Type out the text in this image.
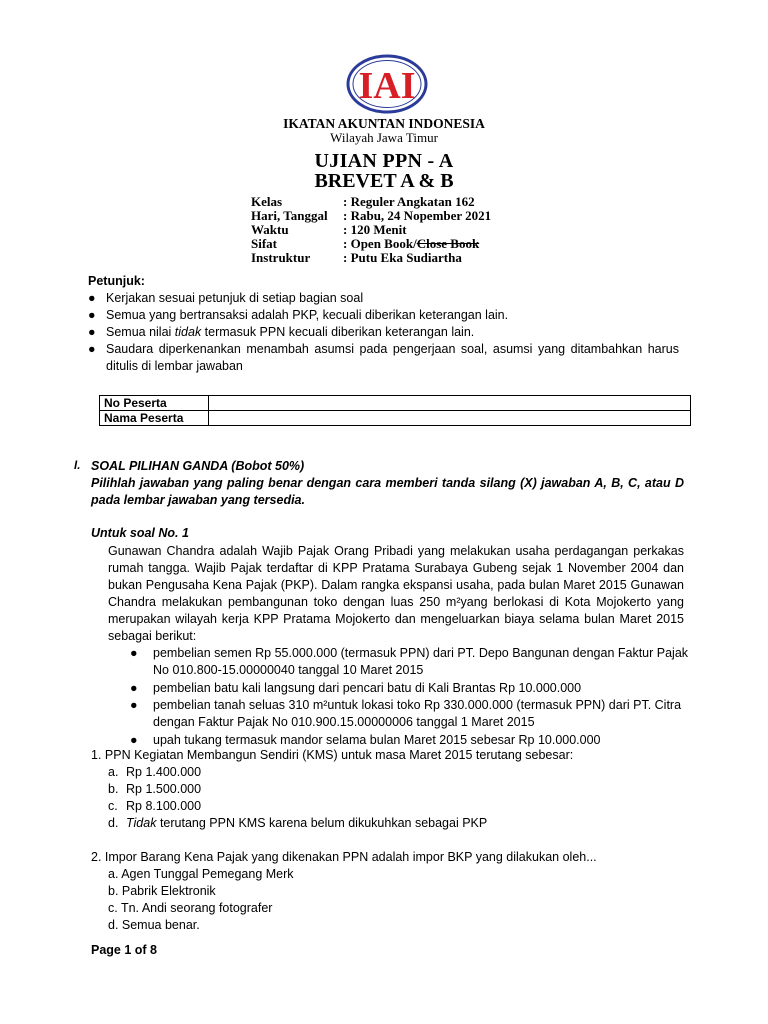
IAI
IKATAN AKUNTAN INDONESIA
Wilayah Jawa Timur
UJIAN PPN - A
BREVET A & B
Kelas	: Reguler Angkatan 162
Hari, Tanggal : Rabu, 24 Nopember 2021
Waktu	: 120 Menit
Sifat	: Open Book/Close Book
Instruktur	: Putu Eka Sudiartha
Petunjuk:
● Kerjakan sesuai petunjuk di setiap bagian soal
● Semua yang bertransaksi adalah PKP, kecuali diberikan keterangan lain.
● Semua nilai tidak termasuk PPN kecuali diberikan keterangan lain.
● Saudara diperkenankan menambah asumsi pada pengerjaan soal, asumsi yang ditambahkan harus
ditulis di lembar jawaban
No Peserta	
Nama Peserta	
I. SOAL PILIHAN GANDA (Bobot 50%)
Pilihlah jawaban yang paling benar dengan cara memberi tanda silang (X) jawaban A, B, C, atau D
pada lembar jawaban yang tersedia.
Untuk soal No. 1
Gunawan Chandra adalah Wajib Pajak Orang Pribadi yang melakukan usaha perdagangan perkakas
rumah tangga. Wajib Pajak terdaftar di KPP Pratama Surabaya Gubeng sejak 1 November 2004 dan
bukan Pengusaha Kena Pajak (PKP). Dalam rangka ekspansi usaha, pada bulan Maret 2015 Gunawan
Chandra melakukan pembangunan toko dengan luas 250 m²yang berlokasi di Kota Mojokerto yang
merupakan wilayah kerja KPP Pratama Mojokerto dan mengeluarkan biaya selama bulan Maret 2015
sebagai berikut:
● pembelian semen Rp 55.000.000 (termasuk PPN) dari PT. Depo Bangunan dengan Faktur Pajak
No 010.800-15.00000040 tanggal 10 Maret 2015
● pembelian batu kali langsung dari pencari batu di Kali Brantas Rp 10.000.000
● pembelian tanah seluas 310 m²untuk lokasi toko Rp 330.000.000 (termasuk PPN) dari PT. Citra
dengan Faktur Pajak No 010.900.15.00000006 tanggal 1 Maret 2015
● upah tukang termasuk mandor selama bulan Maret 2015 sebesar Rp 10.000.000
1. PPN Kegiatan Membangun Sendiri (KMS) untuk masa Maret 2015 terutang sebesar:
a. Rp 1.400.000
b. Rp 1.500.000
c. Rp 8.100.000
d. Tidak terutang PPN KMS karena belum dikukuhkan sebagai PKP
2. Impor Barang Kena Pajak yang dikenakan PPN adalah impor BKP yang dilakukan oleh...
a. Agen Tunggal Pemegang Merk
b. Pabrik Elektronik
c. Tn. Andi seorang fotografer
d. Semua benar.
Page 1 of 8
